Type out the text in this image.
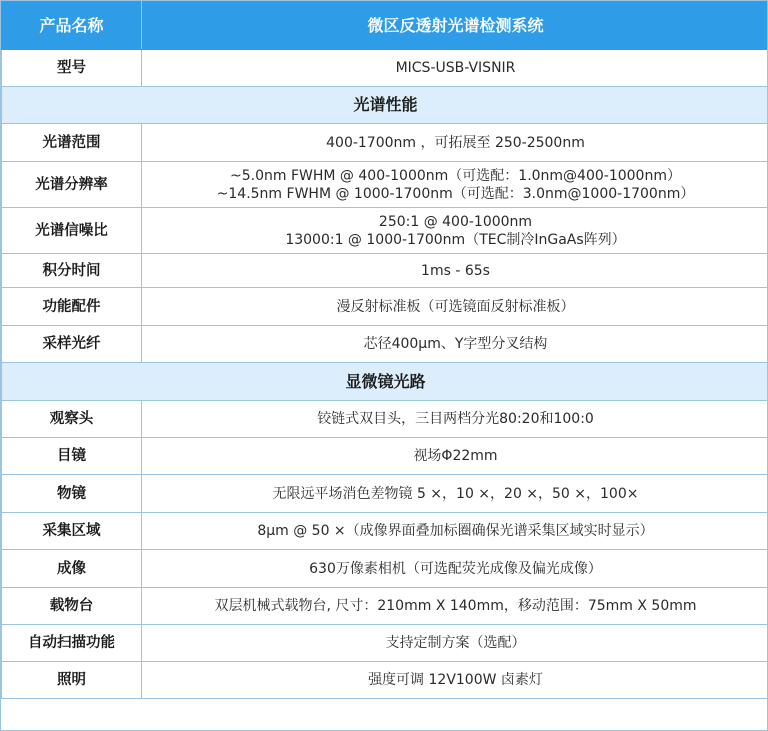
产品名称	微区反透射光谱检测系统
型号	MICS-USB-VISNIR

光谱性能	
光谱范围	400-1700nm ，可拓展至 250-2500nm

光谱分辨率	~5.0nm FWHM @ 400-1000nm（可选配：1.0nm@400-1000nm）
~14.5nm FWHM @ 1000-1700nm（可选配：3.0nm@1000-1700nm）

光谱信噪比	250:1 @ 400-1000nm
13000:1 @ 1000-1700nm（TEC制冷InGaAs阵列）

积分时间	1ms - 65s

功能配件	漫反射标准板（可选镜面反射标准板）

采样光纤	芯径400μm、Y字型分叉结构

显微镜光路	
观察头	铰链式双目头，三目两档分光80:20和100:0

目镜	视场Φ22mm

物镜	无限远平场消色差物镜 5 ×，10 ×，20 ×，50 ×，100×

采集区域	8μm @ 50 ×（成像界面叠加标圈确保光谱采集区域实时显示）

成像	630万像素相机（可选配荧光成像及偏光成像）

载物台	双层机械式载物台, 尺寸：210mm X 140mm，移动范围：75mm X 50mm

自动扫描功能	支持定制方案（选配）

照明	强度可调 12V100W 卤素灯
